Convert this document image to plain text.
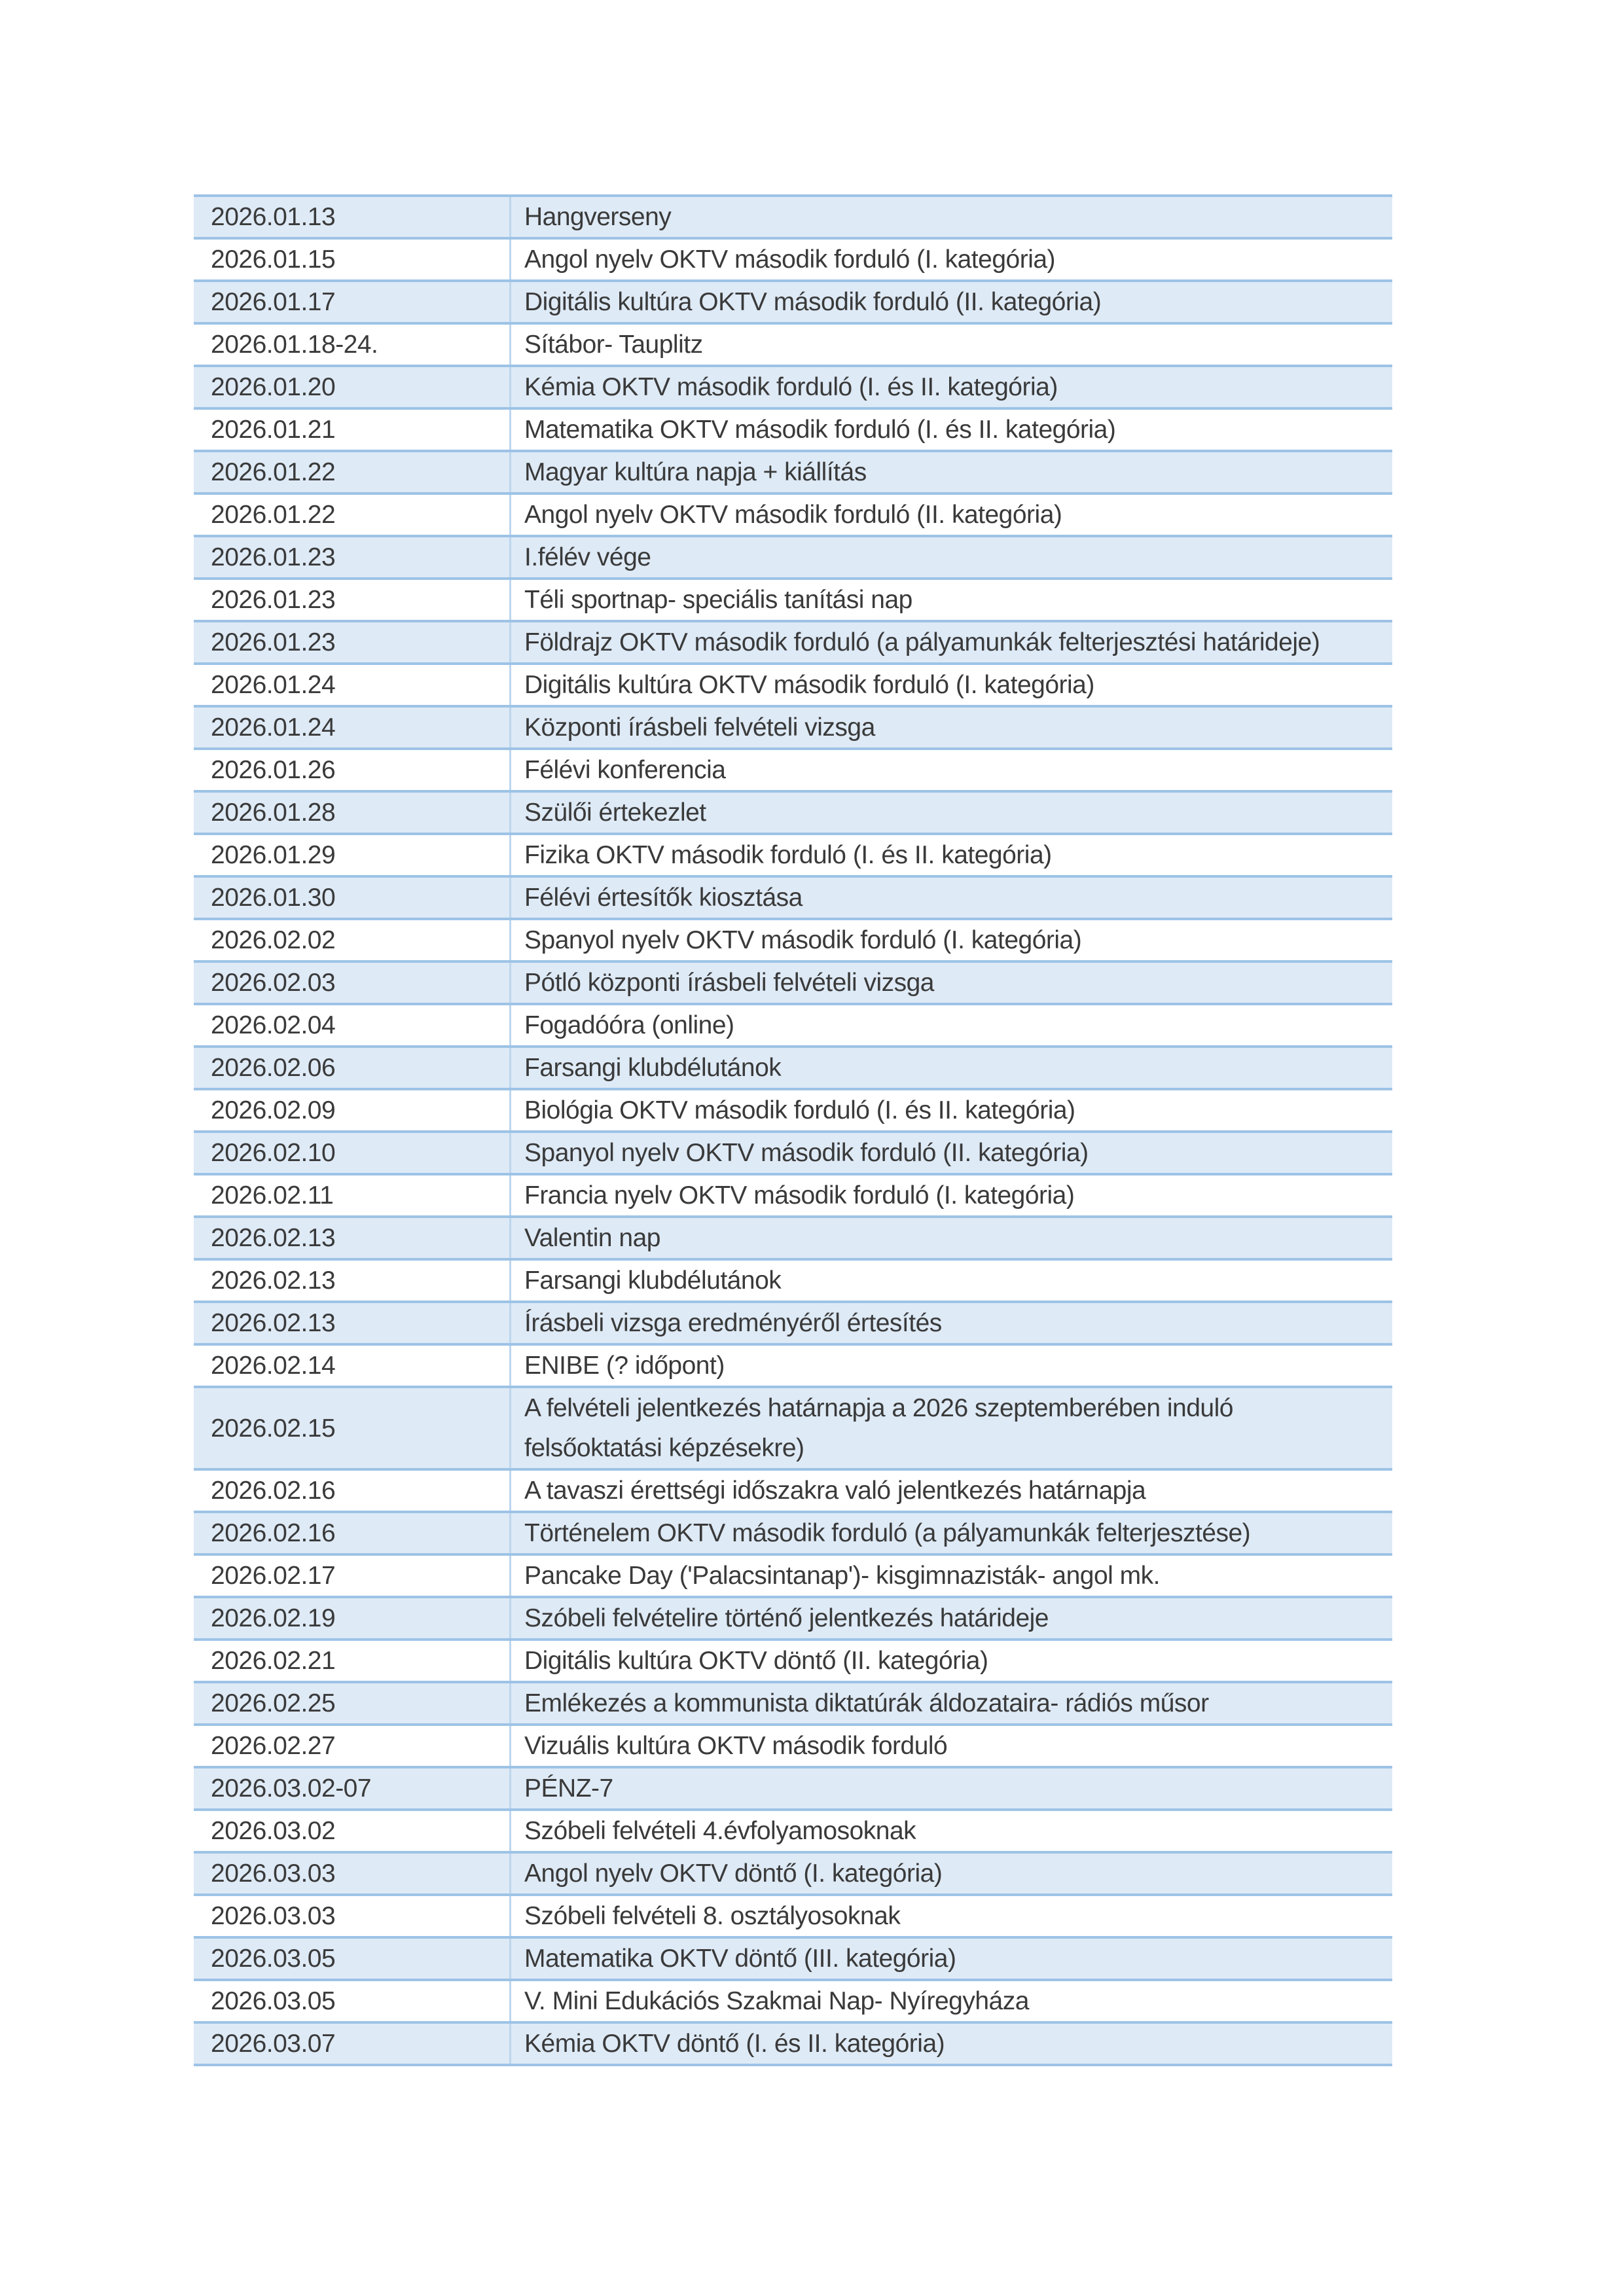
2026.01.13	Hangverseny
2026.01.15	Angol nyelv OKTV második forduló (I. kategória)
2026.01.17	Digitális kultúra OKTV második forduló (II. kategória)
2026.01.18-24.	Sítábor- Tauplitz
2026.01.20	Kémia OKTV második forduló (I. és II. kategória)
2026.01.21	Matematika OKTV második forduló (I. és II. kategória)
2026.01.22	Magyar kultúra napja + kiállítás
2026.01.22	Angol nyelv OKTV második forduló (II. kategória)
2026.01.23	I.félév vége
2026.01.23	Téli sportnap- speciális tanítási nap
2026.01.23	Földrajz OKTV második forduló (a pályamunkák felterjesztési határideje)
2026.01.24	Digitális kultúra OKTV második forduló (I. kategória)
2026.01.24	Központi írásbeli felvételi vizsga
2026.01.26	Félévi konferencia
2026.01.28	Szülői értekezlet
2026.01.29	Fizika OKTV második forduló (I. és II. kategória)
2026.01.30	Félévi értesítők kiosztása
2026.02.02	Spanyol nyelv OKTV második forduló (I. kategória)
2026.02.03	Pótló központi írásbeli felvételi vizsga
2026.02.04	Fogadóóra (online)
2026.02.06	Farsangi klubdélutánok
2026.02.09	Biológia OKTV második forduló (I. és II. kategória)
2026.02.10	Spanyol nyelv OKTV második forduló (II. kategória)
2026.02.11	Francia nyelv OKTV második forduló (I. kategória)
2026.02.13	Valentin nap
2026.02.13	Farsangi klubdélutánok
2026.02.13	Írásbeli vizsga eredményéről értesítés
2026.02.14	ENIBE (? időpont)
2026.02.15	A felvételi jelentkezés határnapja a 2026 szeptemberében induló felsőoktatási képzésekre)
2026.02.16	A tavaszi érettségi időszakra való jelentkezés határnapja
2026.02.16	Történelem OKTV második forduló (a pályamunkák felterjesztése)
2026.02.17	Pancake Day ('Palacsintanap')- kisgimnazisták- angol mk.
2026.02.19	Szóbeli felvételire történő jelentkezés határideje
2026.02.21	Digitális kultúra OKTV döntő (II. kategória)
2026.02.25	Emlékezés a kommunista diktatúrák áldozataira- rádiós műsor
2026.02.27	Vizuális kultúra OKTV második forduló
2026.03.02-07	PÉNZ-7
2026.03.02	Szóbeli felvételi 4.évfolyamosoknak
2026.03.03	Angol nyelv OKTV döntő (I. kategória)
2026.03.03	Szóbeli felvételi 8. osztályosoknak
2026.03.05	Matematika OKTV döntő (III. kategória)
2026.03.05	V. Mini Edukációs Szakmai Nap- Nyíregyháza
2026.03.07	Kémia OKTV döntő (I. és II. kategória)
